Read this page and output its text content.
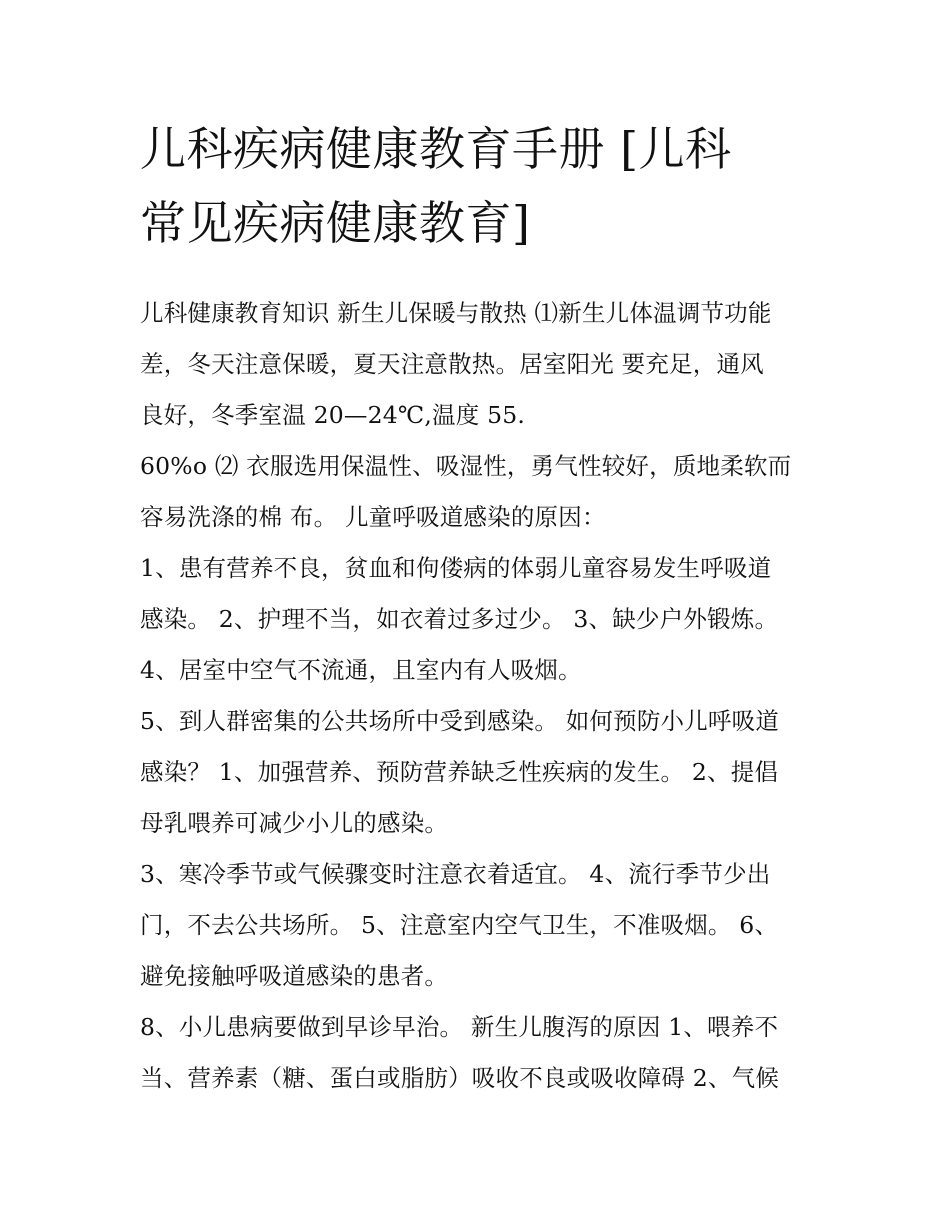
儿科疾病健康教育手册 [儿科
常见疾病健康教育]

儿科健康教育知识 新生儿保暖与散热 ⑴新生儿体温调节功能
差，冬天注意保暖，夏天注意散热。居室阳光 要充足，通风
良好，冬季室温 20—24℃,温度 55.

60%o ⑵ 衣服选用保温性、吸湿性，勇气性较好，质地柔软而
容易洗涤的棉 布。 儿童呼吸道感染的原因：

1、患有营养不良，贫血和佝偻病的体弱儿童容易发生呼吸道
感染。 2、护理不当，如衣着过多过少。 3、缺少户外锻炼。

4、居室中空气不流通，且室内有人吸烟。

5、到人群密集的公共场所中受到感染。 如何预防小儿呼吸道
感染？ 1、加强营养、预防营养缺乏性疾病的发生。 2、提倡
母乳喂养可减少小儿的感染。

3、寒冷季节或气候骤变时注意衣着适宜。 4、流行季节少出
门，不去公共场所。 5、注意室内空气卫生，不准吸烟。 6、
避免接触呼吸道感染的患者。

8、小儿患病要做到早诊早治。 新生儿腹泻的原因 1、喂养不
当、营养素（糖、蛋白或脂肪）吸收不良或吸收障碍 2、气候
